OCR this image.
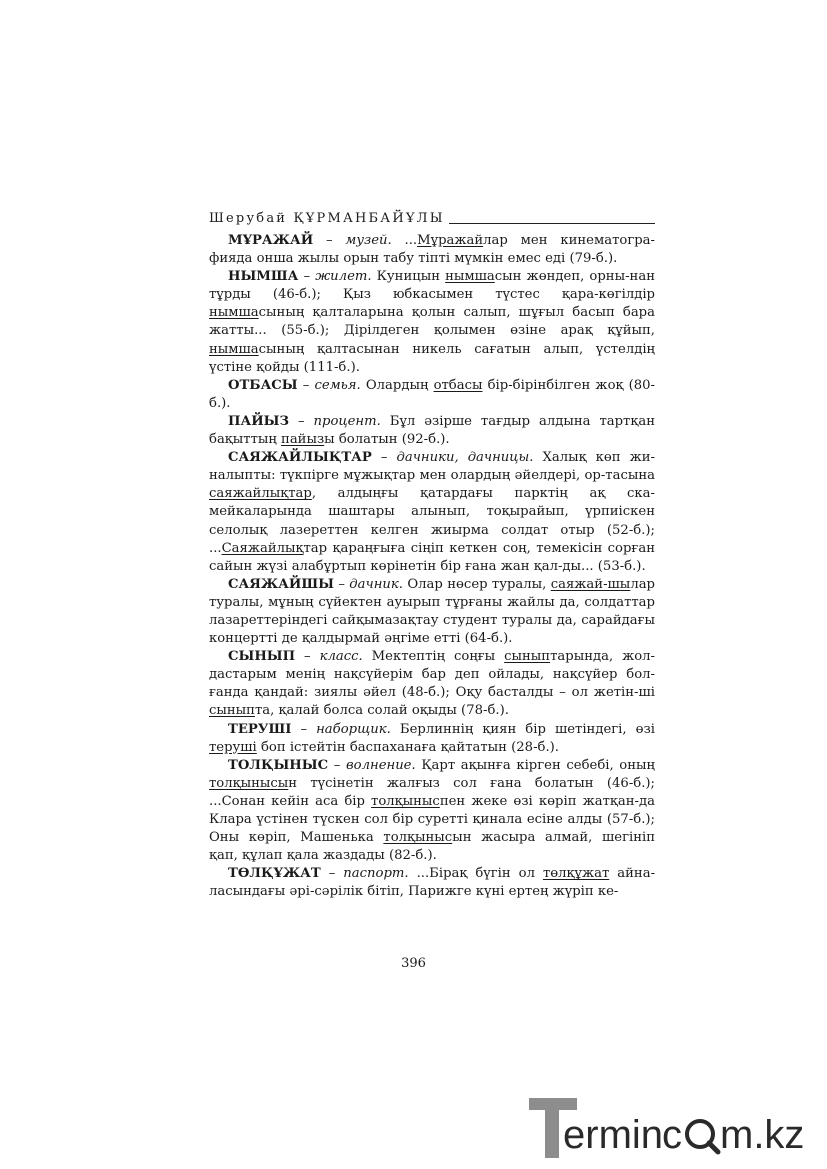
Шерубай ҚҰРМАНБАЙҰЛЫ

МҰРАЖАЙ – музей. ...Мұражайлар мен кинематогра-фияда онша жылы орын табу тіпті мүмкін емес еді (79-б.).

НЫМША – жилет. Куницын нымшасын жөндеп, орны-нан тұрды (46-б.); Қыз юбкасымен түстес қара-көгілдір нымшасының қалталарына қолын салып, шұғыл басып бара жатты... (55-б.); Дірілдеген қолымен өзіне арақ құйып, нымшасының қалтасынан никель сағатын алып, үстелдің үстіне қойды (111-б.).

ОТБАСЫ – семья. Олардың отбасы бір-бірінбілген жоқ (80-б.).

ПАЙЫЗ – процент. Бұл әзірше тағдыр алдына тартқан бақыттың пайызы болатын (92-б.).

САЯЖАЙЛЫҚТАР – дачники, дачницы. Халық көп жи-налыпты: түкпірге мұжықтар мен олардың әйелдері, ор-тасына саяжайлықтар, алдыңғы қатардағы парктің ақ ска-мейкаларында шаштары алынып, тоқырайып, үрпиіскен селолық лазереттен келген жиырма солдат отыр (52-б.); ...Саяжайлықтар қараңғыға сіңіп кеткен соң, темекісін сорған сайын жүзі алабұртып көрінетін бір ғана жан қал-ды... (53-б.).

САЯЖАЙШЫ – дачник. Олар нөсер туралы, саяжай-шылар туралы, мұның сүйектен ауырып тұрғаны жайлы да, солдаттар лазареттеріндегі сайқымазақтау студент туралы да, сарайдағы концертті де қалдырмай әңгіме етті (64-б.).

СЫНЫП – класс. Мектептің соңғы сыныптарында, жол-дастарым менің нақсүйерім бар деп ойлады, нақсүйер бол-ғанда қандай: зиялы әйел (48-б.); Оқу басталды – ол жетін-ші сыныпта, қалай болса солай оқыды (78-б.).

ТЕРУШІ – наборщик. Берлиннің қиян бір шетіндегі, өзі теруші боп істейтін баспаханаға қайтатын (28-б.).

ТОЛҚЫНЫС – волнение. Қарт ақынға кірген себебі, оның толқынысын түсінетін жалғыз сол ғана болатын (46-б.); ...Сонан кейін аса бір толқыныспен жеке өзі көріп жатқан-да Клара үстінен түскен сол бір суретті қинала есіне алды (57-б.); Оны көріп, Машенька толқынысын жасыра алмай, шегініп қап, құлап қала жаздады (82-б.).

ТӨЛҚҰЖАТ – паспорт. ...Бірақ бүгін ол төлқұжат айна-ласындағы әрі-сәрілік бітіп, Парижге күні ертең жүріп ке-

396
ermin
c m.kz
